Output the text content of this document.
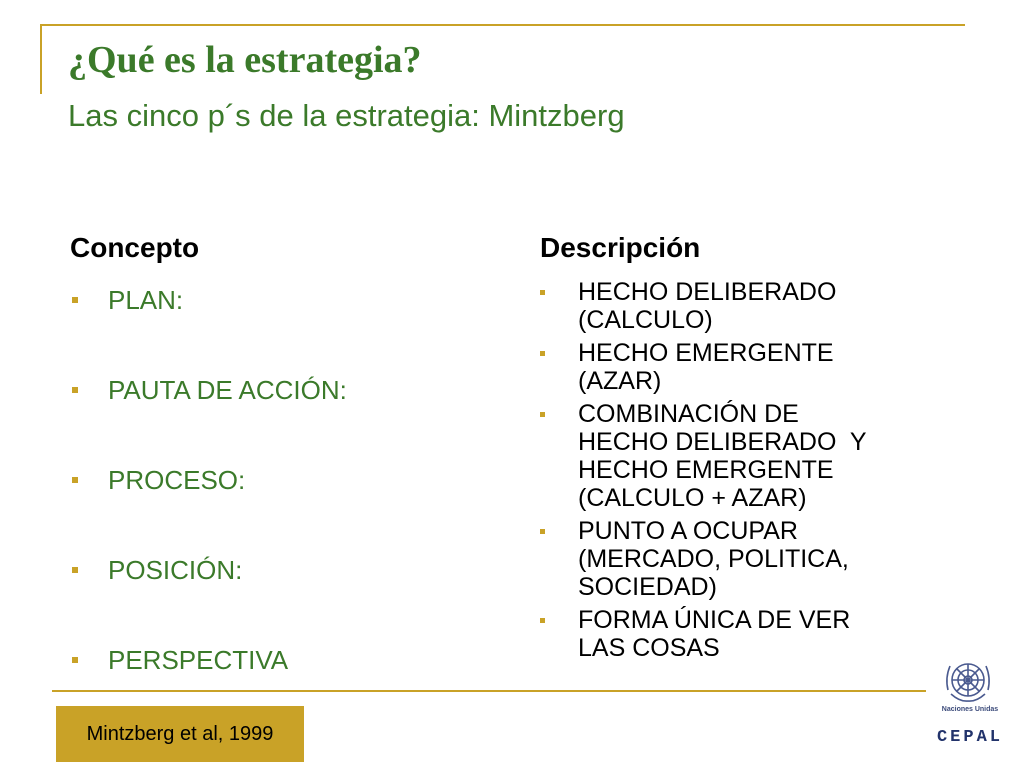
¿Qué es la estrategia?
Las cinco p´s de la estrategia: Mintzberg
Concepto	Descripción
PLAN:
PAUTA DE ACCIÓN:
PROCESO:
POSICIÓN:
PERSPECTIVA
HECHO DELIBERADO
(CALCULO)
HECHO EMERGENTE
(AZAR)
COMBINACIÓN DE
HECHO DELIBERADO  Y
HECHO EMERGENTE
(CALCULO + AZAR)
PUNTO A OCUPAR
(MERCADO, POLITICA,
SOCIEDAD)
FORMA ÚNICA DE VER
LAS COSAS
Mintzberg et al, 1999
Naciones Unidas
CEPAL
